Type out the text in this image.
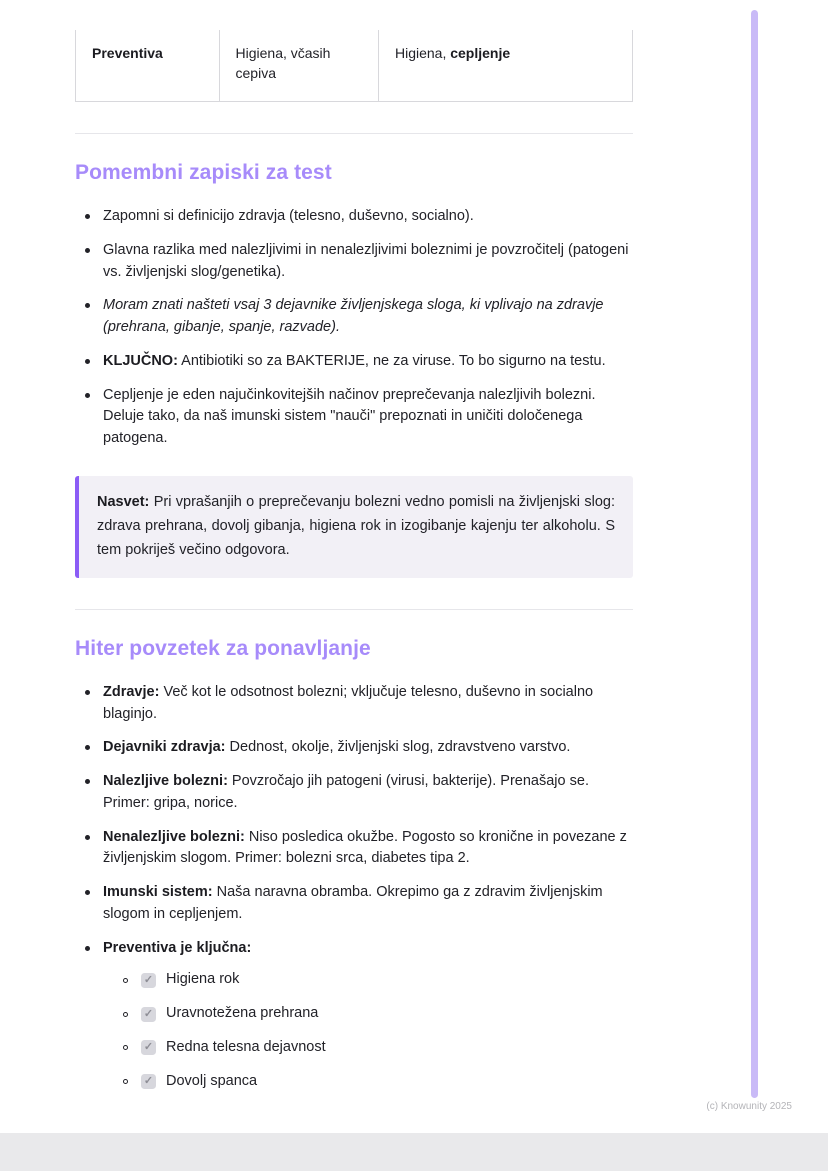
Preventiva	Higiena, včasih cepiva
Higiena, cepljenje
Pomembni zapiski za test
Zapomni si definicijo zdravja (telesno, duševno, socialno).
Glavna razlika med nalezljivimi in nenalezljivimi boleznimi je povzročitelj (patogeni vs. življenjski slog/genetika).
Moram znati našteti vsaj 3 dejavnike življenjskega sloga, ki vplivajo na zdravje (prehrana, gibanje, spanje, razvade).
KLJUČNO: Antibiotiki so za BAKTERIJE, ne za viruse. To bo sigurno na testu.
Cepljenje je eden najučinkovitejših načinov preprečevanja nalezljivih bolezni. Deluje tako, da naš imunski sistem "nauči" prepoznati in uničiti določenega patogena.
Nasvet: Pri vprašanjih o preprečevanju bolezni vedno pomisli na življenjski slog: zdrava prehrana, dovolj gibanja, higiena rok in izogibanje kajenju ter alkoholu. S tem pokriješ večino odgovora.
Hiter povzetek za ponavljanje
Zdravje: Več kot le odsotnost bolezni; vključuje telesno, duševno in socialno blaginjo.
Dejavniki zdravja: Dednost, okolje, življenjski slog, zdravstveno varstvo.
Nalezljive bolezni: Povzročajo jih patogeni (virusi, bakterije). Prenašajo se. Primer: gripa, norice.
Nenalezljive bolezni: Niso posledica okužbe. Pogosto so kronične in povezane z življenjskim slogom. Primer: bolezni srca, diabetes tipa 2.
Imunski sistem: Naša naravna obramba. Okrepimo ga z zdravim življenjskim slogom in cepljenjem.
Preventiva je ključna:
✓
Higiena rok
✓
Uravnotežena prehrana
✓
Redna telesna dejavnost
✓
Dovolj spanca
(c) Knowunity 2025
